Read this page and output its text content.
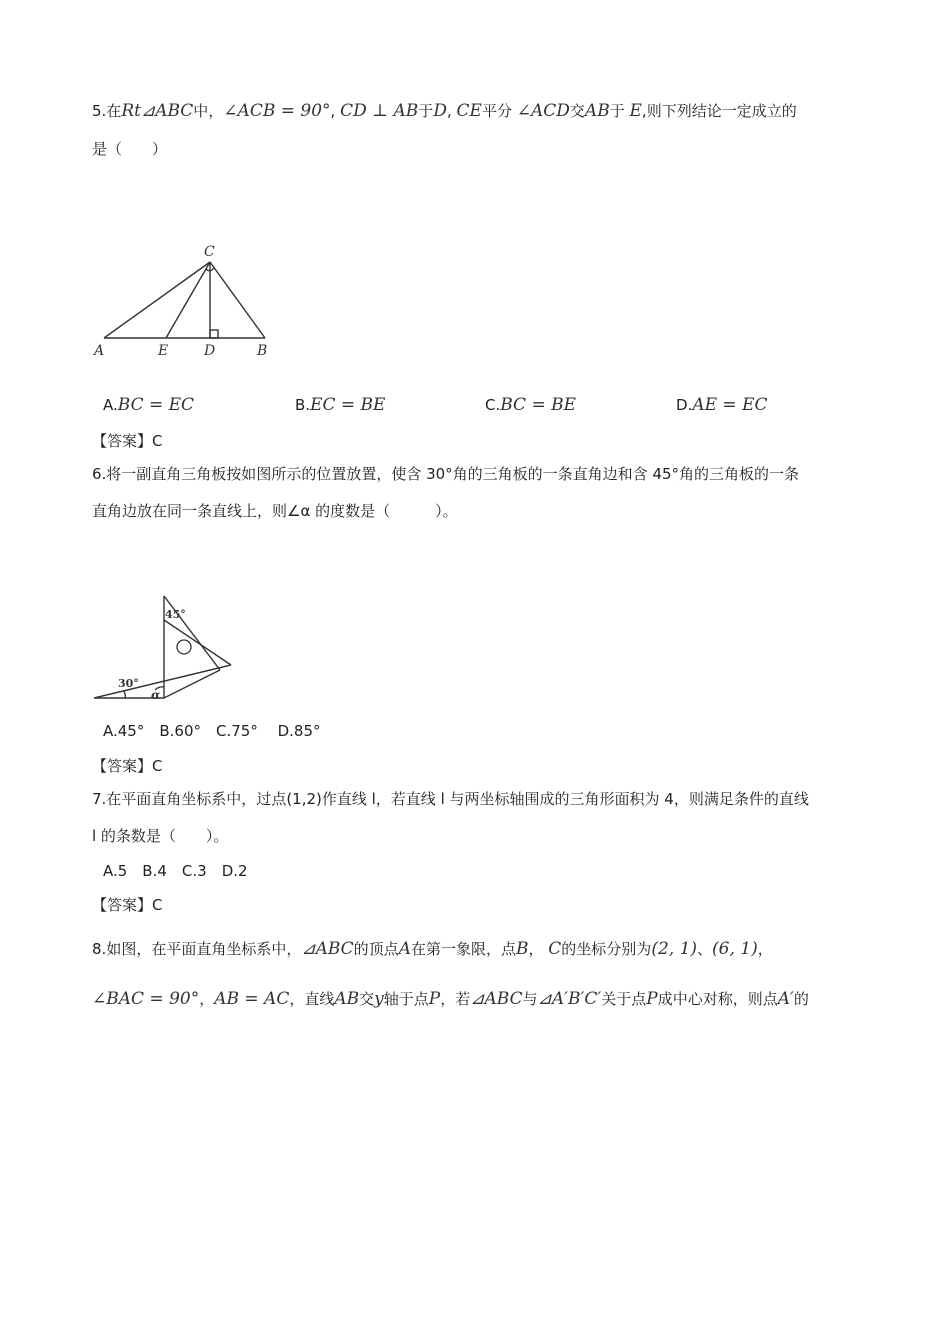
5.在Rt⊿ABC中，∠ACB = 90°, CD ⊥ AB于D, CE平分 ∠ACD交AB于 E,则下列结论一定成立的
是（　　）
C
A	E	D	B
A.BC = EC	B.EC = BE	C.BC = BE	D.AE = EC
【答案】C
6.将一副直角三角板按如图所示的位置放置，使含 30°角的三角板的一条直角边和含 45°角的三角板的一条
直角边放在同一条直线上，则∠α 的度数是（　　　）。
45°
30°
α
A.45°　B.60°　C.75°　 D.85°
【答案】C
7.在平面直角坐标系中，过点(1,2)作直线 l，若直线 l 与两坐标轴围成的三角形面积为 4，则满足条件的直线
l 的条数是（　　）。
A.5　B.4　C.3　D.2
【答案】C
8.如图，在平面直角坐标系中，⊿ABC的顶点A在第一象限，点B， C的坐标分别为(2, 1)、(6, 1)，
∠BAC = 90°，AB = AC，直线AB交y轴于点P，若⊿ABC与⊿A′B′C′关于点P成中心对称，则点A′的
